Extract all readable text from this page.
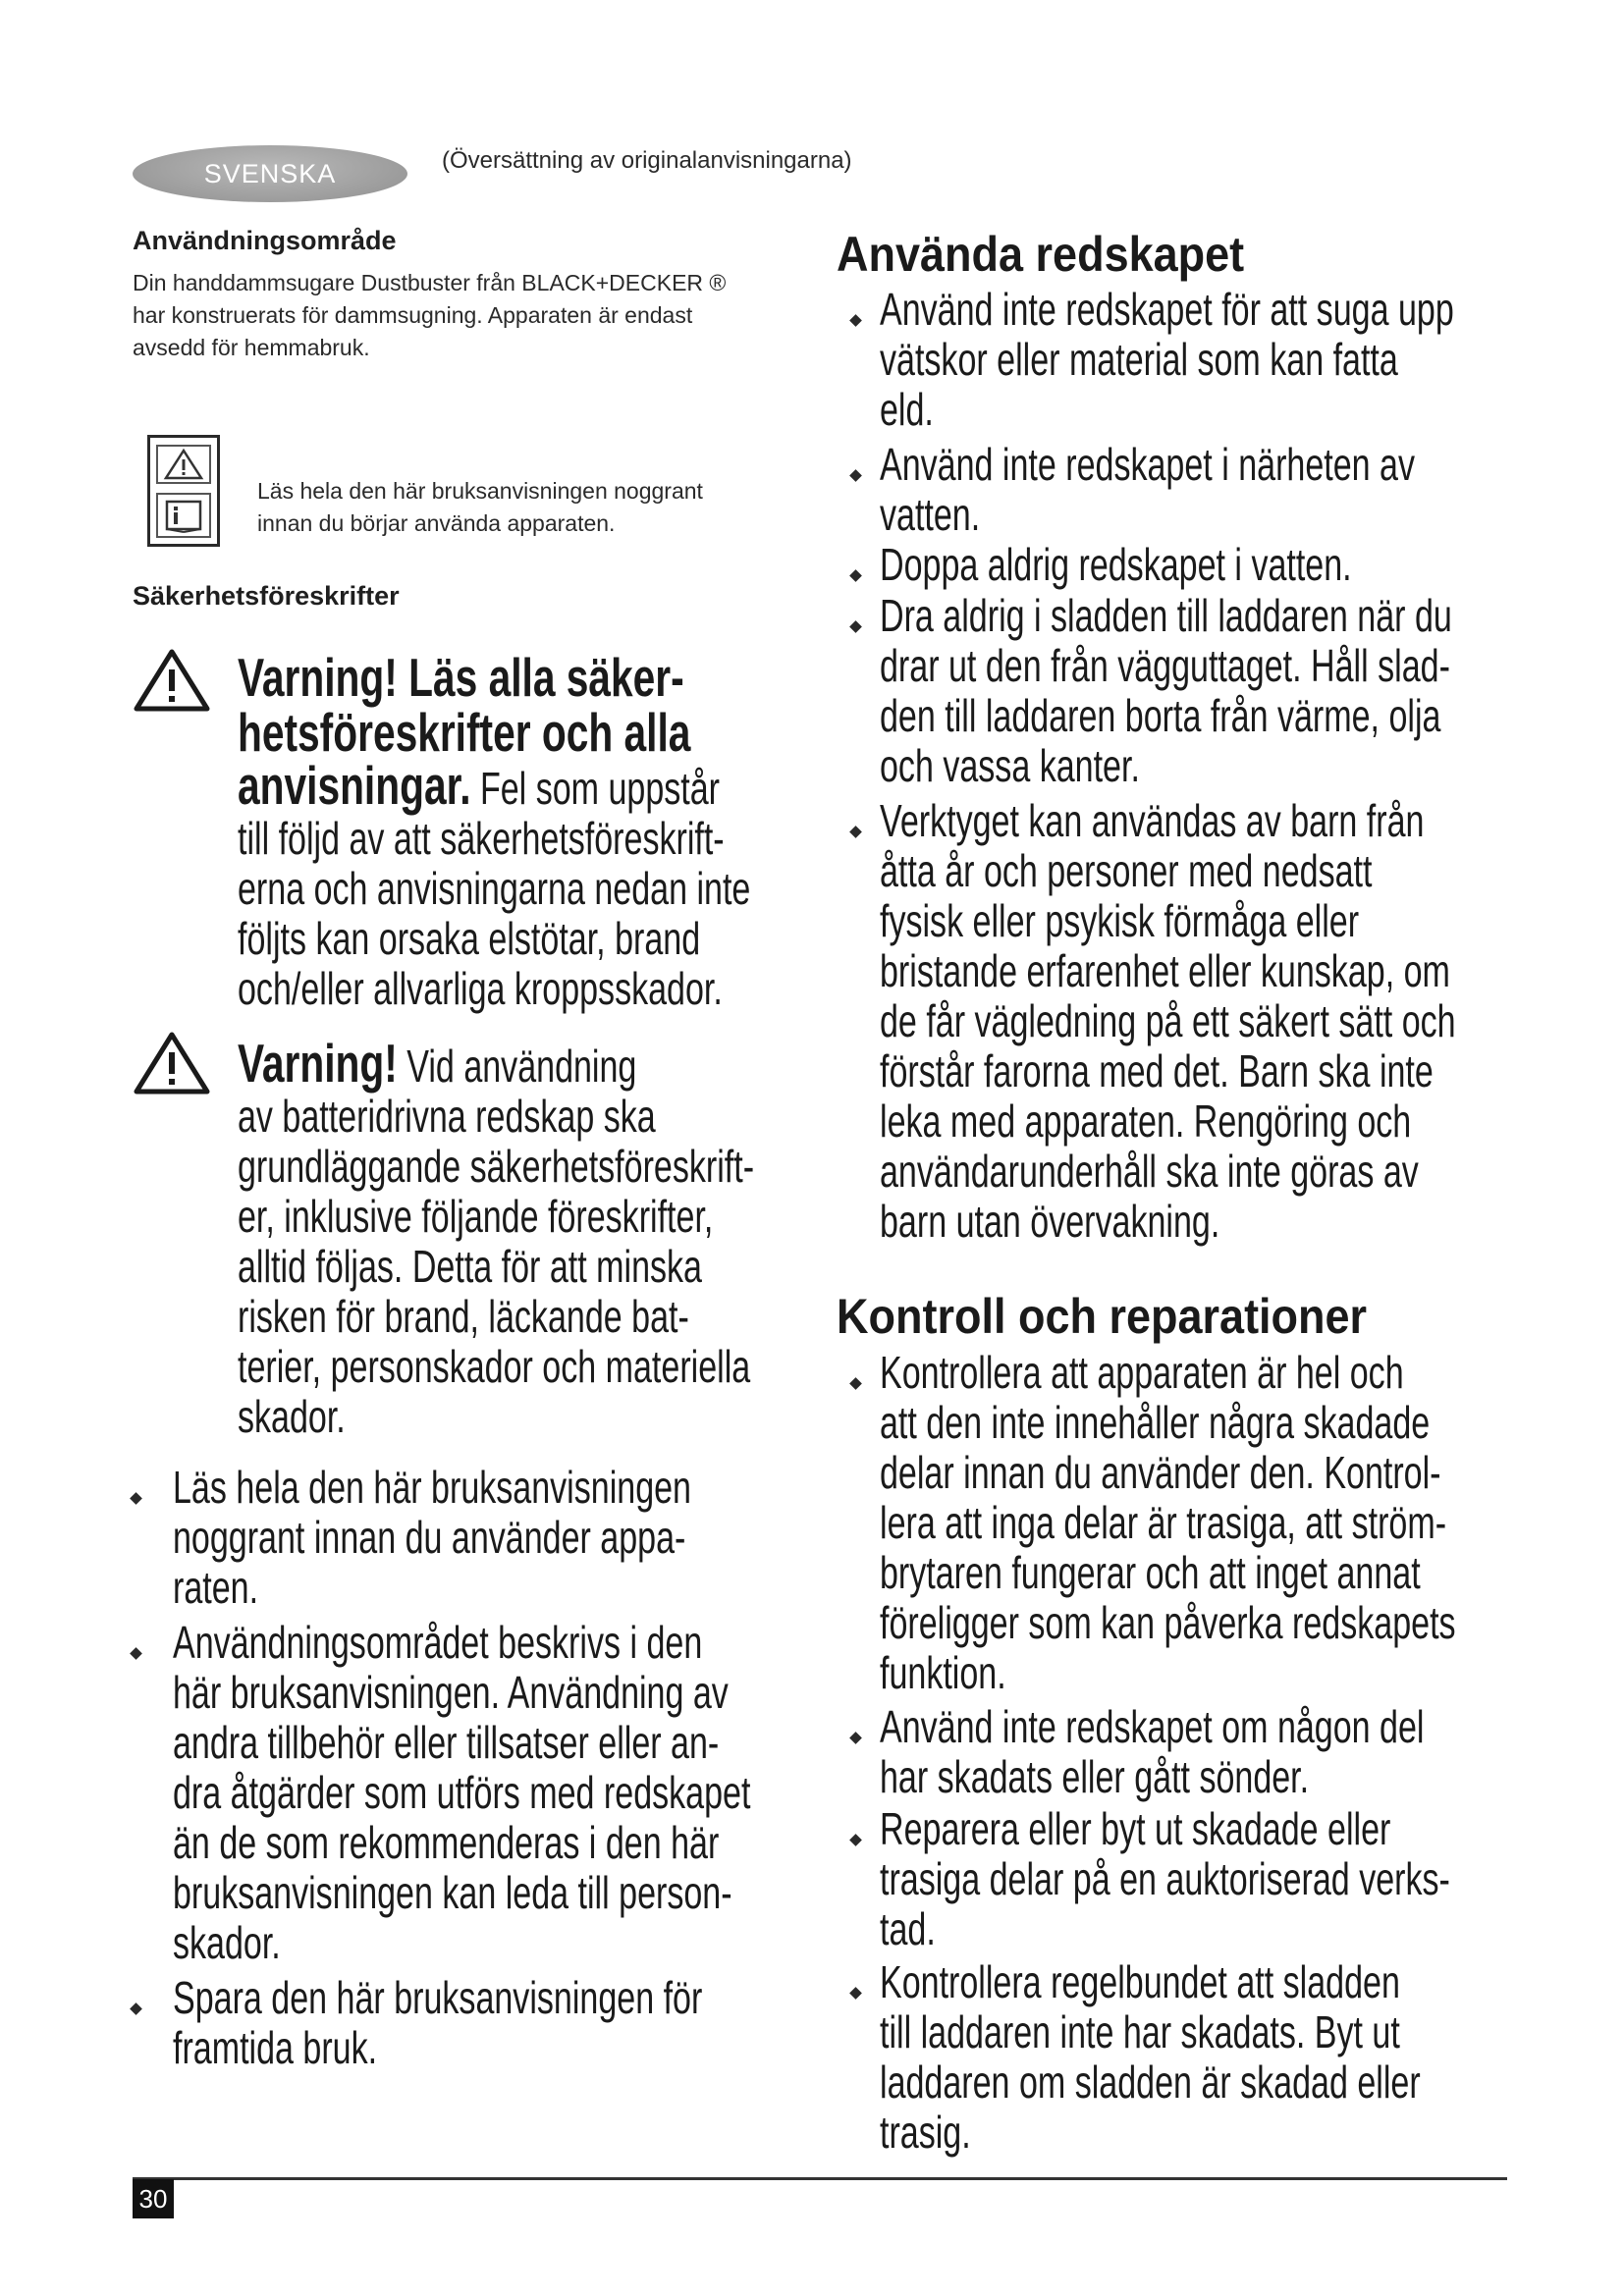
SVENSKA	(Översättning av originalanvisningarna)
Användningsområde
Din handdammsugare Dustbuster från BLACK+DECKER ®
har konstruerats för dammsugning. Apparaten är endast
avsedd för hemmabruk.
Läs hela den här bruksanvisningen noggrant
innan du börjar använda apparaten.
Säkerhetsföreskrifter
Varning! Läs alla säker-
hetsföreskrifter och alla
anvisningar. Fel som uppstår
till följd av att säkerhetsföreskrift-
erna och anvisningarna nedan inte
följts kan orsaka elstötar, brand
och/eller allvarliga kroppsskador.
Varning! Vid användning
av batteridrivna redskap ska
grundläggande säkerhetsföreskrift-
er, inklusive följande föreskrifter,
alltid följas. Detta för att minska
risken för brand, läckande bat-
terier, personskador och materiella
skador.
Läs hela den här bruksanvisningen
noggrant innan du använder appa-
raten.
Användningsområdet beskrivs i den
här bruksanvisningen. Användning av
andra tillbehör eller tillsatser eller an-
dra åtgärder som utförs med redskapet
än de som rekommenderas i den här
bruksanvisningen kan leda till person-
skador.
Spara den här bruksanvisningen för
framtida bruk.
Använda redskapet
Använd inte redskapet för att suga upp
vätskor eller material som kan fatta
eld.
Använd inte redskapet i närheten av
vatten.
Doppa aldrig redskapet i vatten.
Dra aldrig i sladden till laddaren när du
drar ut den från vägguttaget. Håll slad-
den till laddaren borta från värme, olja
och vassa kanter.
Verktyget kan användas av barn från
åtta år och personer med nedsatt
fysisk eller psykisk förmåga eller
bristande erfarenhet eller kunskap, om
de får vägledning på ett säkert sätt och
förstår farorna med det. Barn ska inte
leka med apparaten. Rengöring och
användarunderhåll ska inte göras av
barn utan övervakning.
Kontroll och reparationer
Kontrollera att apparaten är hel och
att den inte innehåller några skadade
delar innan du använder den. Kontrol-
lera att inga delar är trasiga, att ström-
brytaren fungerar och att inget annat
föreligger som kan påverka redskapets
funktion.
Använd inte redskapet om någon del
har skadats eller gått sönder.
Reparera eller byt ut skadade eller
trasiga delar på en auktoriserad verks-
tad.
Kontrollera regelbundet att sladden
till laddaren inte har skadats. Byt ut
laddaren om sladden är skadad eller
trasig.
30
